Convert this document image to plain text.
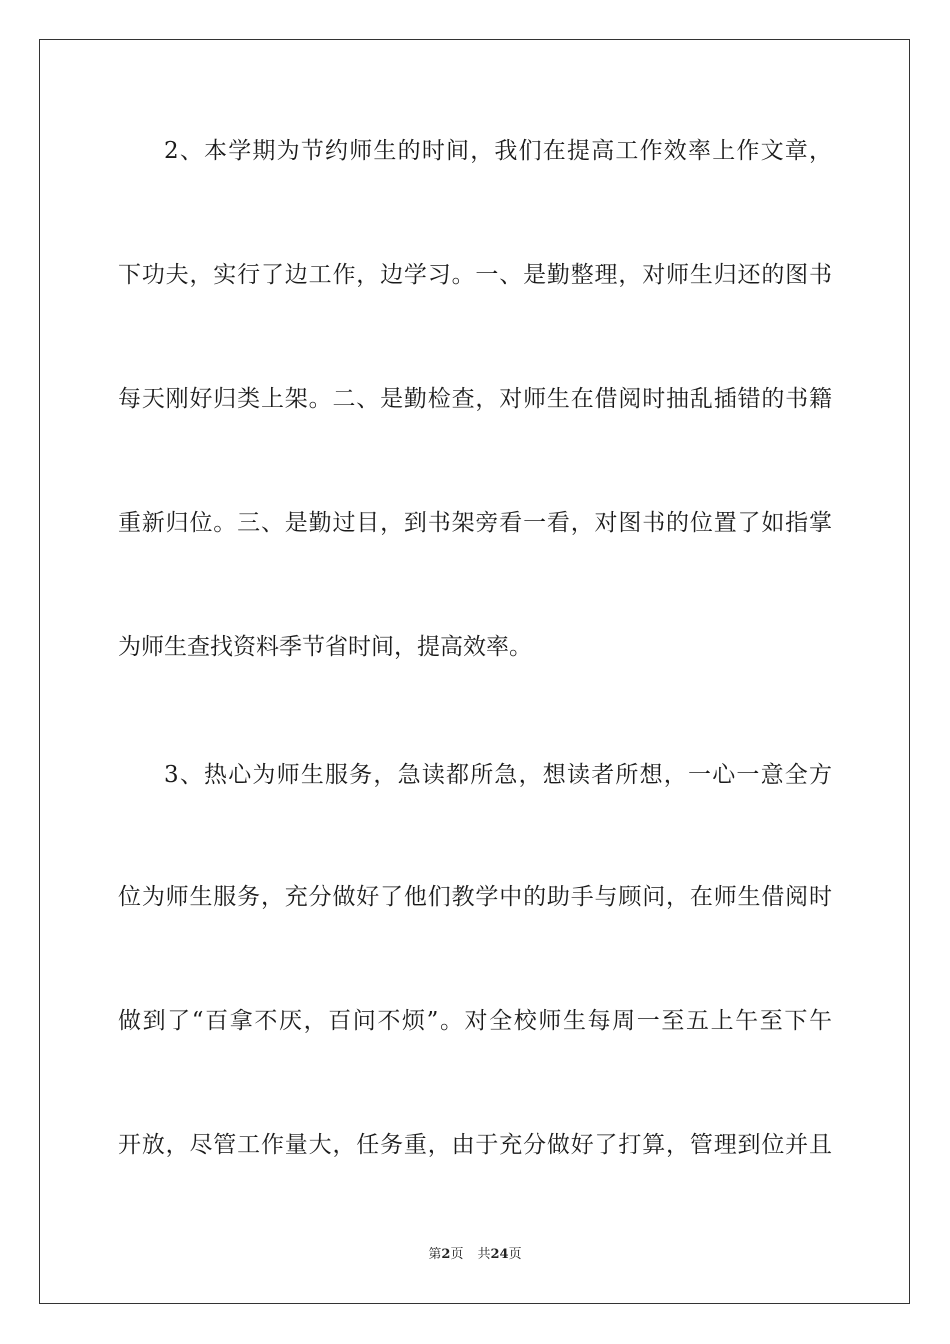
2、本学期为节约师生的时间，我们在提高工作效率上作文章，
下功夫，实行了边工作，边学习。一、是勤整理，对师生归还的图书
每天刚好归类上架。二、是勤检查，对师生在借阅时抽乱插错的书籍
重新归位。三、是勤过目，到书架旁看一看，对图书的位置了如指掌
为师生查找资料季节省时间，提高效率。
3、热心为师生服务，急读都所急，想读者所想，一心一意全方
位为师生服务，充分做好了他们教学中的助手与顾问，在师生借阅时
做到了“百拿不厌，百问不烦”。对全校师生每周一至五上午至下午
开放，尽管工作量大，任务重，由于充分做好了打算，管理到位并且
第2页 共24页
